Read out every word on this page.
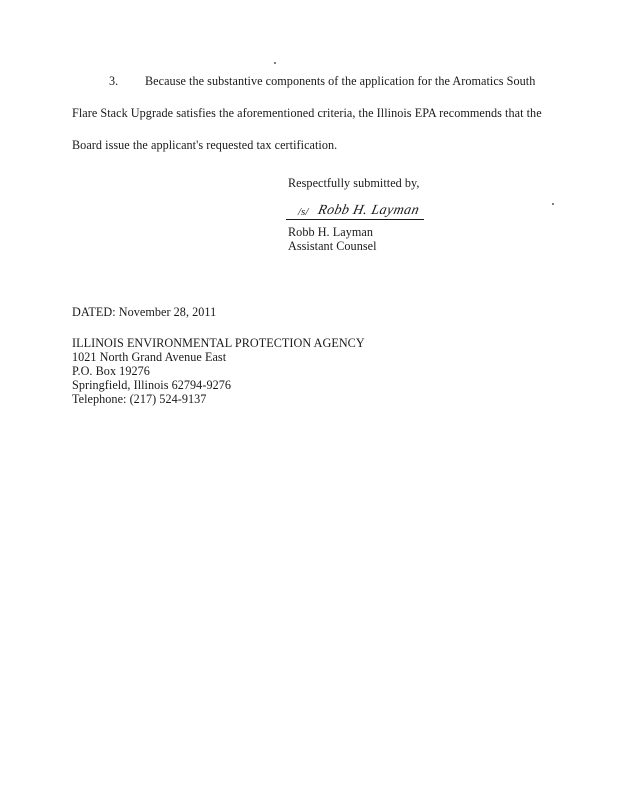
3. Because the substantive components of the application for the Aromatics South
Flare Stack Upgrade satisfies the aforementioned criteria, the Illinois EPA recommends that the
Board issue the applicant's requested tax certification.
Respectfully submitted by,
/s/ Robb H. Layman
Robb H. Layman
Assistant Counsel
DATED: November 28, 2011
ILLINOIS ENVIRONMENTAL PROTECTION AGENCY
1021 North Grand Avenue East
P.O. Box 19276
Springfield, Illinois 62794-9276
Telephone: (217) 524-9137
